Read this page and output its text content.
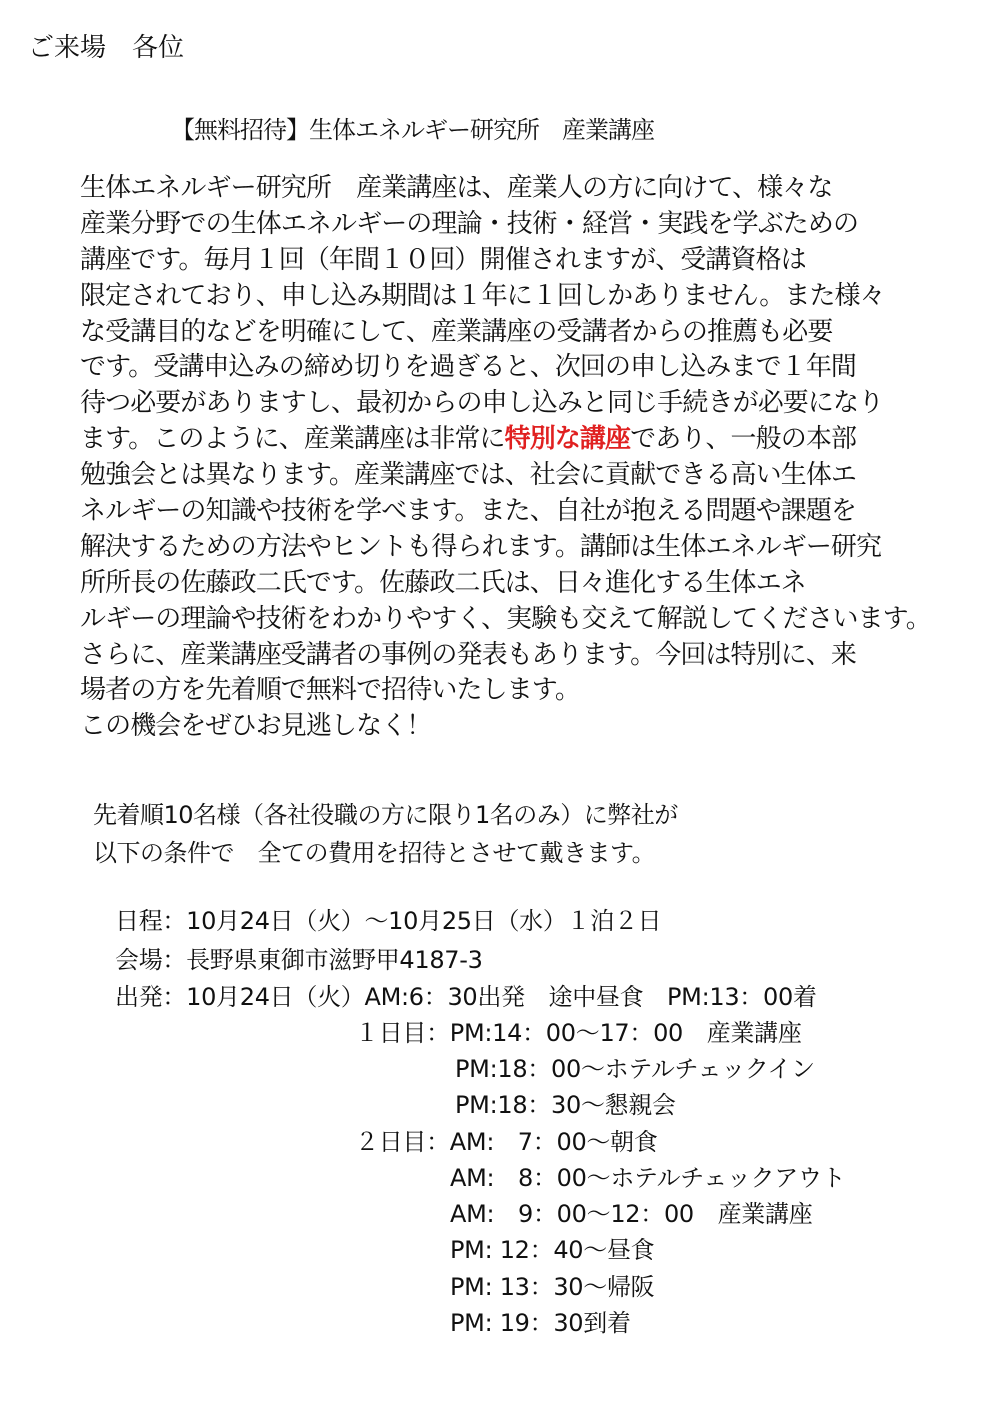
ご来場　各位
【無料招待】生体エネルギー研究所　産業講座
生体エネルギー研究所　産業講座は、産業人の方に向けて、様々な
産業分野での生体エネルギーの理論・技術・経営・実践を学ぶための
講座です。毎月１回（年間１０回）開催されますが、受講資格は
限定されており、申し込み期間は１年に１回しかありません。また様々
な受講目的などを明確にして、産業講座の受講者からの推薦も必要
です。受講申込みの締め切りを過ぎると、次回の申し込みまで１年間
待つ必要がありますし、最初からの申し込みと同じ手続きが必要になり
ます。このように、産業講座は非常に特別な講座であり、一般の本部
勉強会とは異なります。産業講座では、社会に貢献できる高い生体エ
ネルギーの知識や技術を学べます。また、自社が抱える問題や課題を
解決するための方法やヒントも得られます。講師は生体エネルギー研究
所所長の佐藤政二氏です。佐藤政二氏は、日々進化する生体エネ
ルギーの理論や技術をわかりやすく、実験も交えて解説してくださいます。
さらに、産業講座受講者の事例の発表もあります。今回は特別に、来
場者の方を先着順で無料で招待いたします。
この機会をぜひお見逃しなく！
先着順10名様（各社役職の方に限り1名のみ）に弊社が
以下の条件で　全ての費用を招待とさせて戴きます。
日程：10月24日（火）～10月25日（水）１泊２日
会場：長野県東御市滋野甲4187-3
出発：10月24日（火）AM:6：30出発　途中昼食　PM:13：00着
１日目：PM:14：00～17：00　産業講座
PM:18：00～ホテルチェックイン
PM:18：30～懇親会
２日目：AM:　7：00～朝食
AM:　8：00～ホテルチェックアウト
AM:　9：00～12：00　産業講座
PM: 12：40～昼食
PM: 13：30～帰阪
PM: 19：30到着
